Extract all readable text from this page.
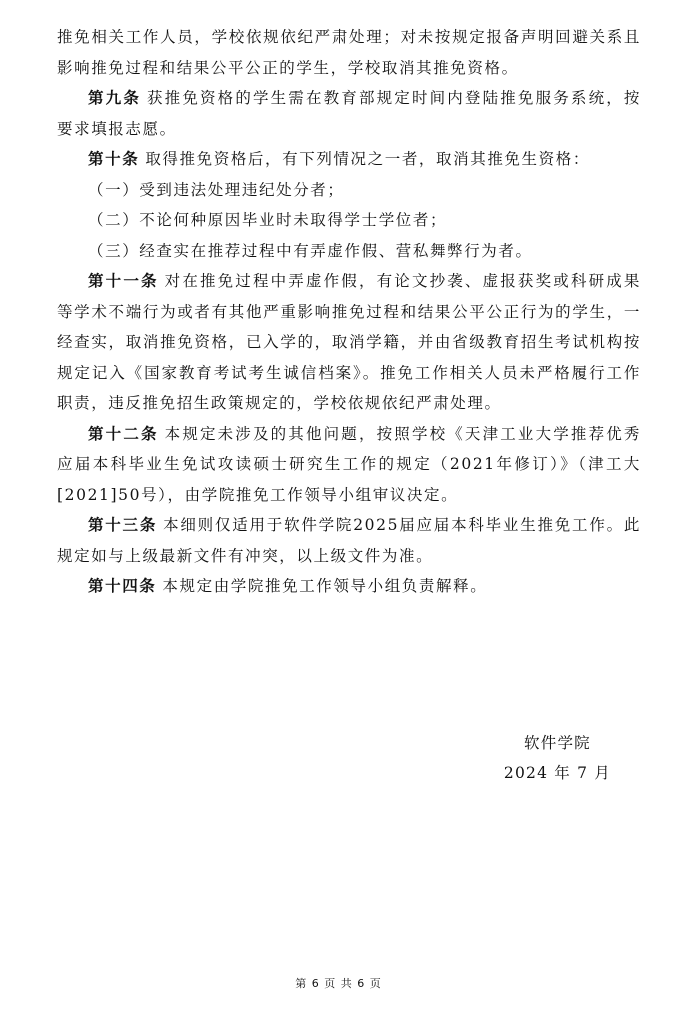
推免相关工作人员，学校依规依纪严肃处理；对未按规定报备声明回避关系且影响推免过程和结果公平公正的学生，学校取消其推免资格。

第九条 获推免资格的学生需在教育部规定时间内登陆推免服务系统，按要求填报志愿。

第十条 取得推免资格后，有下列情况之一者，取消其推免生资格：

（一）受到违法处理违纪处分者；

（二）不论何种原因毕业时未取得学士学位者；

（三）经查实在推荐过程中有弄虚作假、营私舞弊行为者。

第十一条 对在推免过程中弄虚作假，有论文抄袭、虚报获奖或科研成果等学术不端行为或者有其他严重影响推免过程和结果公平公正行为的学生，一经查实，取消推免资格，已入学的，取消学籍，并由省级教育招生考试机构按规定记入《国家教育考试考生诚信档案》。推免工作相关人员未严格履行工作职责，违反推免招生政策规定的，学校依规依纪严肃处理。

第十二条 本规定未涉及的其他问题，按照学校《天津工业大学推荐优秀应届本科毕业生免试攻读硕士研究生工作的规定（2021年修订）》（津工大[2021]50号），由学院推免工作领导小组审议决定。

第十三条 本细则仅适用于软件学院2025届应届本科毕业生推免工作。此规定如与上级最新文件有冲突，以上级文件为准。

第十四条 本规定由学院推免工作领导小组负责解释。

软件学院
2024 年 7 月
第 6 页 共 6 页
